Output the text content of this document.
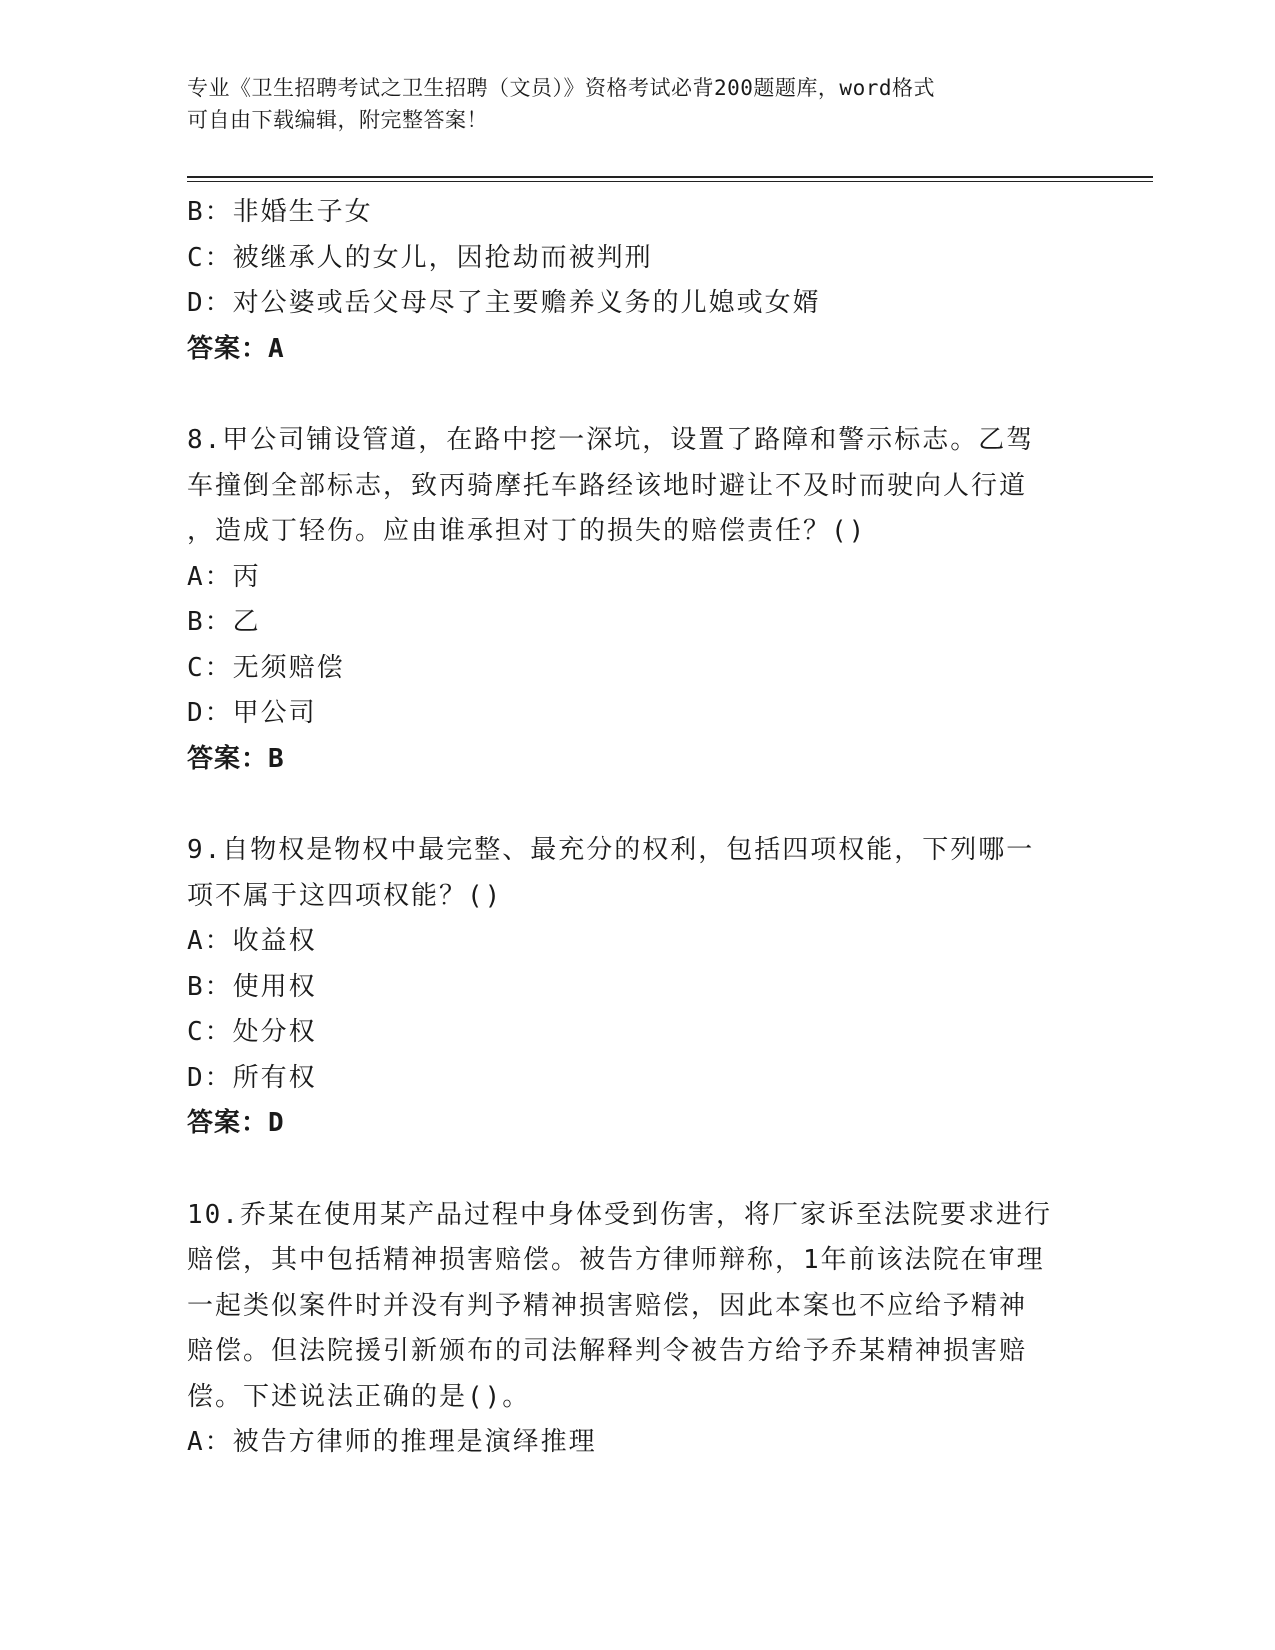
专业《卫生招聘考试之卫生招聘（文员）》资格考试必背200题题库，word格式
可自由下载编辑，附完整答案！
B：非婚生子女
C：被继承人的女儿，因抢劫而被判刑
D：对公婆或岳父母尽了主要赡养义务的儿媳或女婿
答案：A
8.甲公司铺设管道，在路中挖一深坑，设置了路障和警示标志。乙驾
车撞倒全部标志，致丙骑摩托车路经该地时避让不及时而驶向人行道
，造成丁轻伤。应由谁承担对丁的损失的赔偿责任？()
A：丙
B：乙
C：无须赔偿
D：甲公司
答案：B
9.自物权是物权中最完整、最充分的权利，包括四项权能，下列哪一
项不属于这四项权能？()
A：收益权
B：使用权
C：处分权
D：所有权
答案：D
10.乔某在使用某产品过程中身体受到伤害，将厂家诉至法院要求进行
赔偿，其中包括精神损害赔偿。被告方律师辩称，1年前该法院在审理
一起类似案件时并没有判予精神损害赔偿，因此本案也不应给予精神
赔偿。但法院援引新颁布的司法解释判令被告方给予乔某精神损害赔
偿。下述说法正确的是()。
A：被告方律师的推理是演绎推理
